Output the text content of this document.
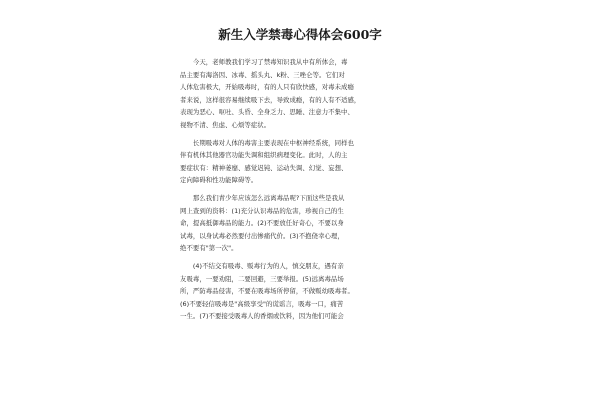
新生入学禁毒心得体会600字
　　今天，老师教我们学习了禁毒知识我从中有所体会，毒
品主要有海洛因、冰毒、摇头丸、k粉、三唑仑等。它们对
人体危害极大，开始吸毒时，有的人只有欣快感，对毒未成瘾
者来说，这样很容易继续吸下去，导致成瘾，有的人有不适感，
表现为恶心、呕吐、头昏、全身乏力、思睡、注意力不集中、
视物不清、焦虑、心烦等症状。
　　长期吸毒对人体的毒害主要表现在中枢神经系统，同样也
伴有机体其他器官功能失调和组织病理变化。此时，人的主
要症状有：精神萎靡、感觉迟钝、运动失调、幻觉、妄想、
定向障碍和性功能障碍等。
　　那么我们青少年应该怎么远离毒品呢?下面这些是我从
网上查到的资料：(1)充分认识毒品的危害，珍视自己的生
命，提高抵御毒品的能力。(2)不要放任好奇心，不要以身
试毒，以身试毒必然要付出惨痛代价。(3)不抱侥幸心理，
绝不要有"第一次"。
　　(4)不结交有吸毒、贩毒行为的人，慎交朋友，遇有亲
友吸毒，一要劝阻，二要回避，三要举报。(5)远离毒品场
所，严防毒品侵害，不要在吸毒场所停留，不做贩幼吸毒者。
(6)不要轻信吸毒是"高级享受"的谎谣言，吸毒一口，痛苦
一生。(7)不要接受吸毒人的香烟或饮料，因为他们可能会
